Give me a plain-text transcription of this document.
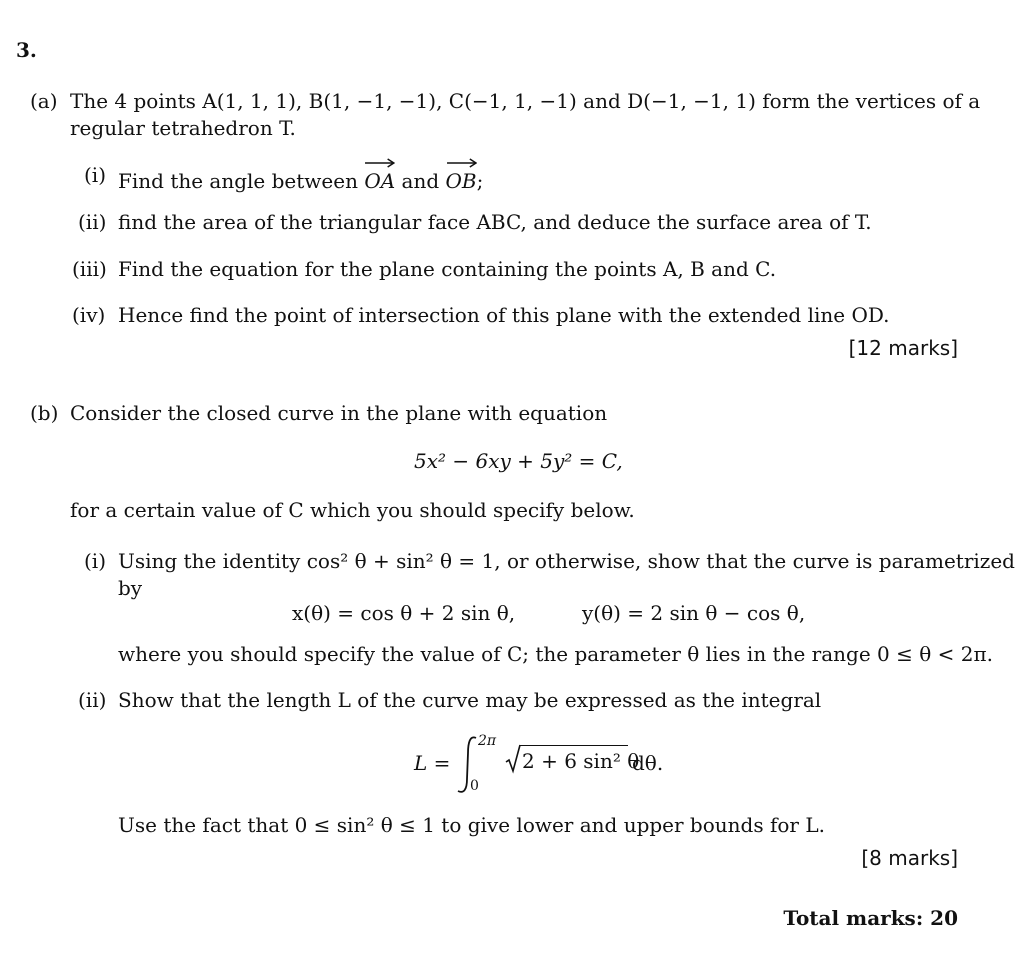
3.
(a) The 4 points A(1, 1, 1), B(1, −1, −1), C(−1, 1, −1) and D(−1, −1, 1) form the vertices of a
regular tetrahedron T.
(i) Find the angle between OA and OB;
(ii) find the area of the triangular face ABC, and deduce the surface area of T.
(iii) Find the equation for the plane containing the points A, B and C.
(iv) Hence find the point of intersection of this plane with the extended line OD.
[12 marks]
(b) Consider the closed curve in the plane with equation
5x² − 6xy + 5y² = C,
for a certain value of C which you should specify below.
(i) Using the identity cos² θ + sin² θ = 1, or otherwise, show that the curve is parametrized
by
x(θ) = cos θ + 2 sin θ,	y(θ) = 2 sin θ − cos θ,
where you should specify the value of C; the parameter θ lies in the range 0 ≤ θ < 2π.
(ii) Show that the length L of the curve may be expressed as the integral
L =
2π
0
2 + 6 sin² θ
dθ.
Use the fact that 0 ≤ sin² θ ≤ 1 to give lower and upper bounds for L.
[8 marks]
Total marks: 20
